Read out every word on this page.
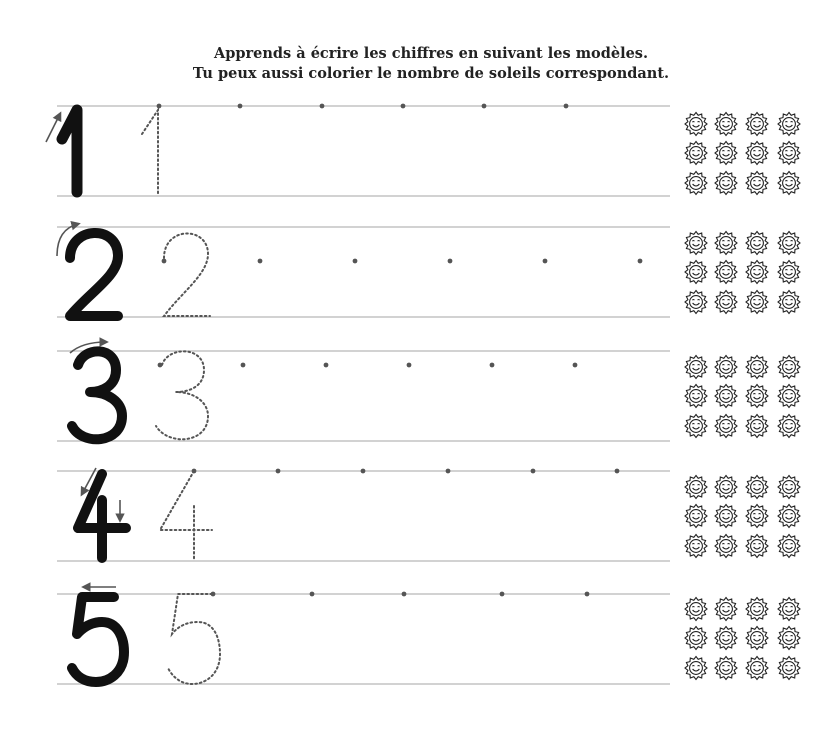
Apprends à écrire les chiffres en suivant les modèles.
Tu peux aussi colorier le nombre de soleils correspondant.
